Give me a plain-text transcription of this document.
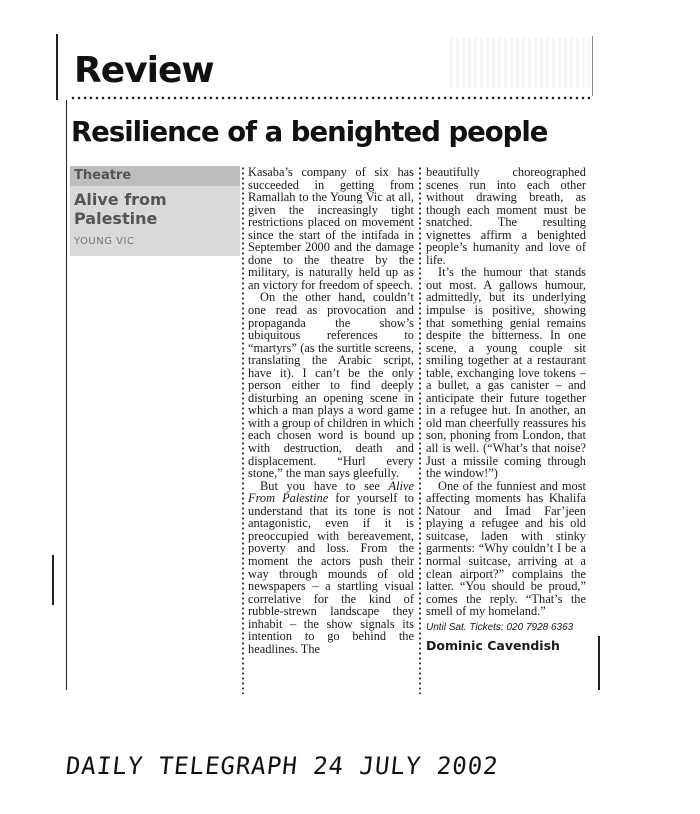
Review
Resilience of a benighted people
Theatre
Alive from Palestine
YOUNG VIC

Kasaba’s company of six has succeeded in getting from Ramallah to the Young Vic at all, given the increasingly tight restrictions placed on movement since the start of the intifada in September 2000 and the damage done to the theatre by the military, is naturally held up as an victory for freedom of speech.

On the other hand, couldn’t one read as provocation and propaganda the show’s ubiquitous references to “martyrs” (as the surtitle screens, translating the Arabic script, have it). I can’t be the only person either to find deeply disturbing an opening scene in which a man plays a word game with a group of children in which each chosen word is bound up with destruction, death and displacement. “Hurl every stone,” the man says gleefully.

But you have to see Alive From Palestine for yourself to understand that its tone is not antagonistic, even if it is preoccupied with bereavement, poverty and loss. From the moment the actors push their way through mounds of old newspapers – a startling visual correlative for the kind of rubble-strewn landscape they inhabit – the show signals its intention to go behind the headlines. The

beautifully choreographed scenes run into each other without drawing breath, as though each moment must be snatched. The resulting vignettes affirm a benighted people’s humanity and love of life.

It’s the humour that stands out most. A gallows humour, admittedly, but its underlying impulse is positive, showing that something genial remains despite the bitterness. In one scene, a young couple sit smiling together at a restaurant table, exchanging love tokens – a bullet, a gas canister – and anticipate their future together in a refugee hut. In another, an old man cheerfully reassures his son, phoning from London, that all is well. (“What’s that noise? Just a missile coming through the window!”)

One of the funniest and most affecting moments has Khalifa Natour and Imad Far’jeen playing a refugee and his old suitcase, laden with stinky garments: “Why couldn’t I be a normal suitcase, arriving at a clean airport?” complains the latter. “You should be proud,” comes the reply. “That’s the smell of my homeland.”

Until Sat. Tickets: 020 7928 6363

Dominic Cavendish

DAILY TELEGRAPH 24 JULY 2002
